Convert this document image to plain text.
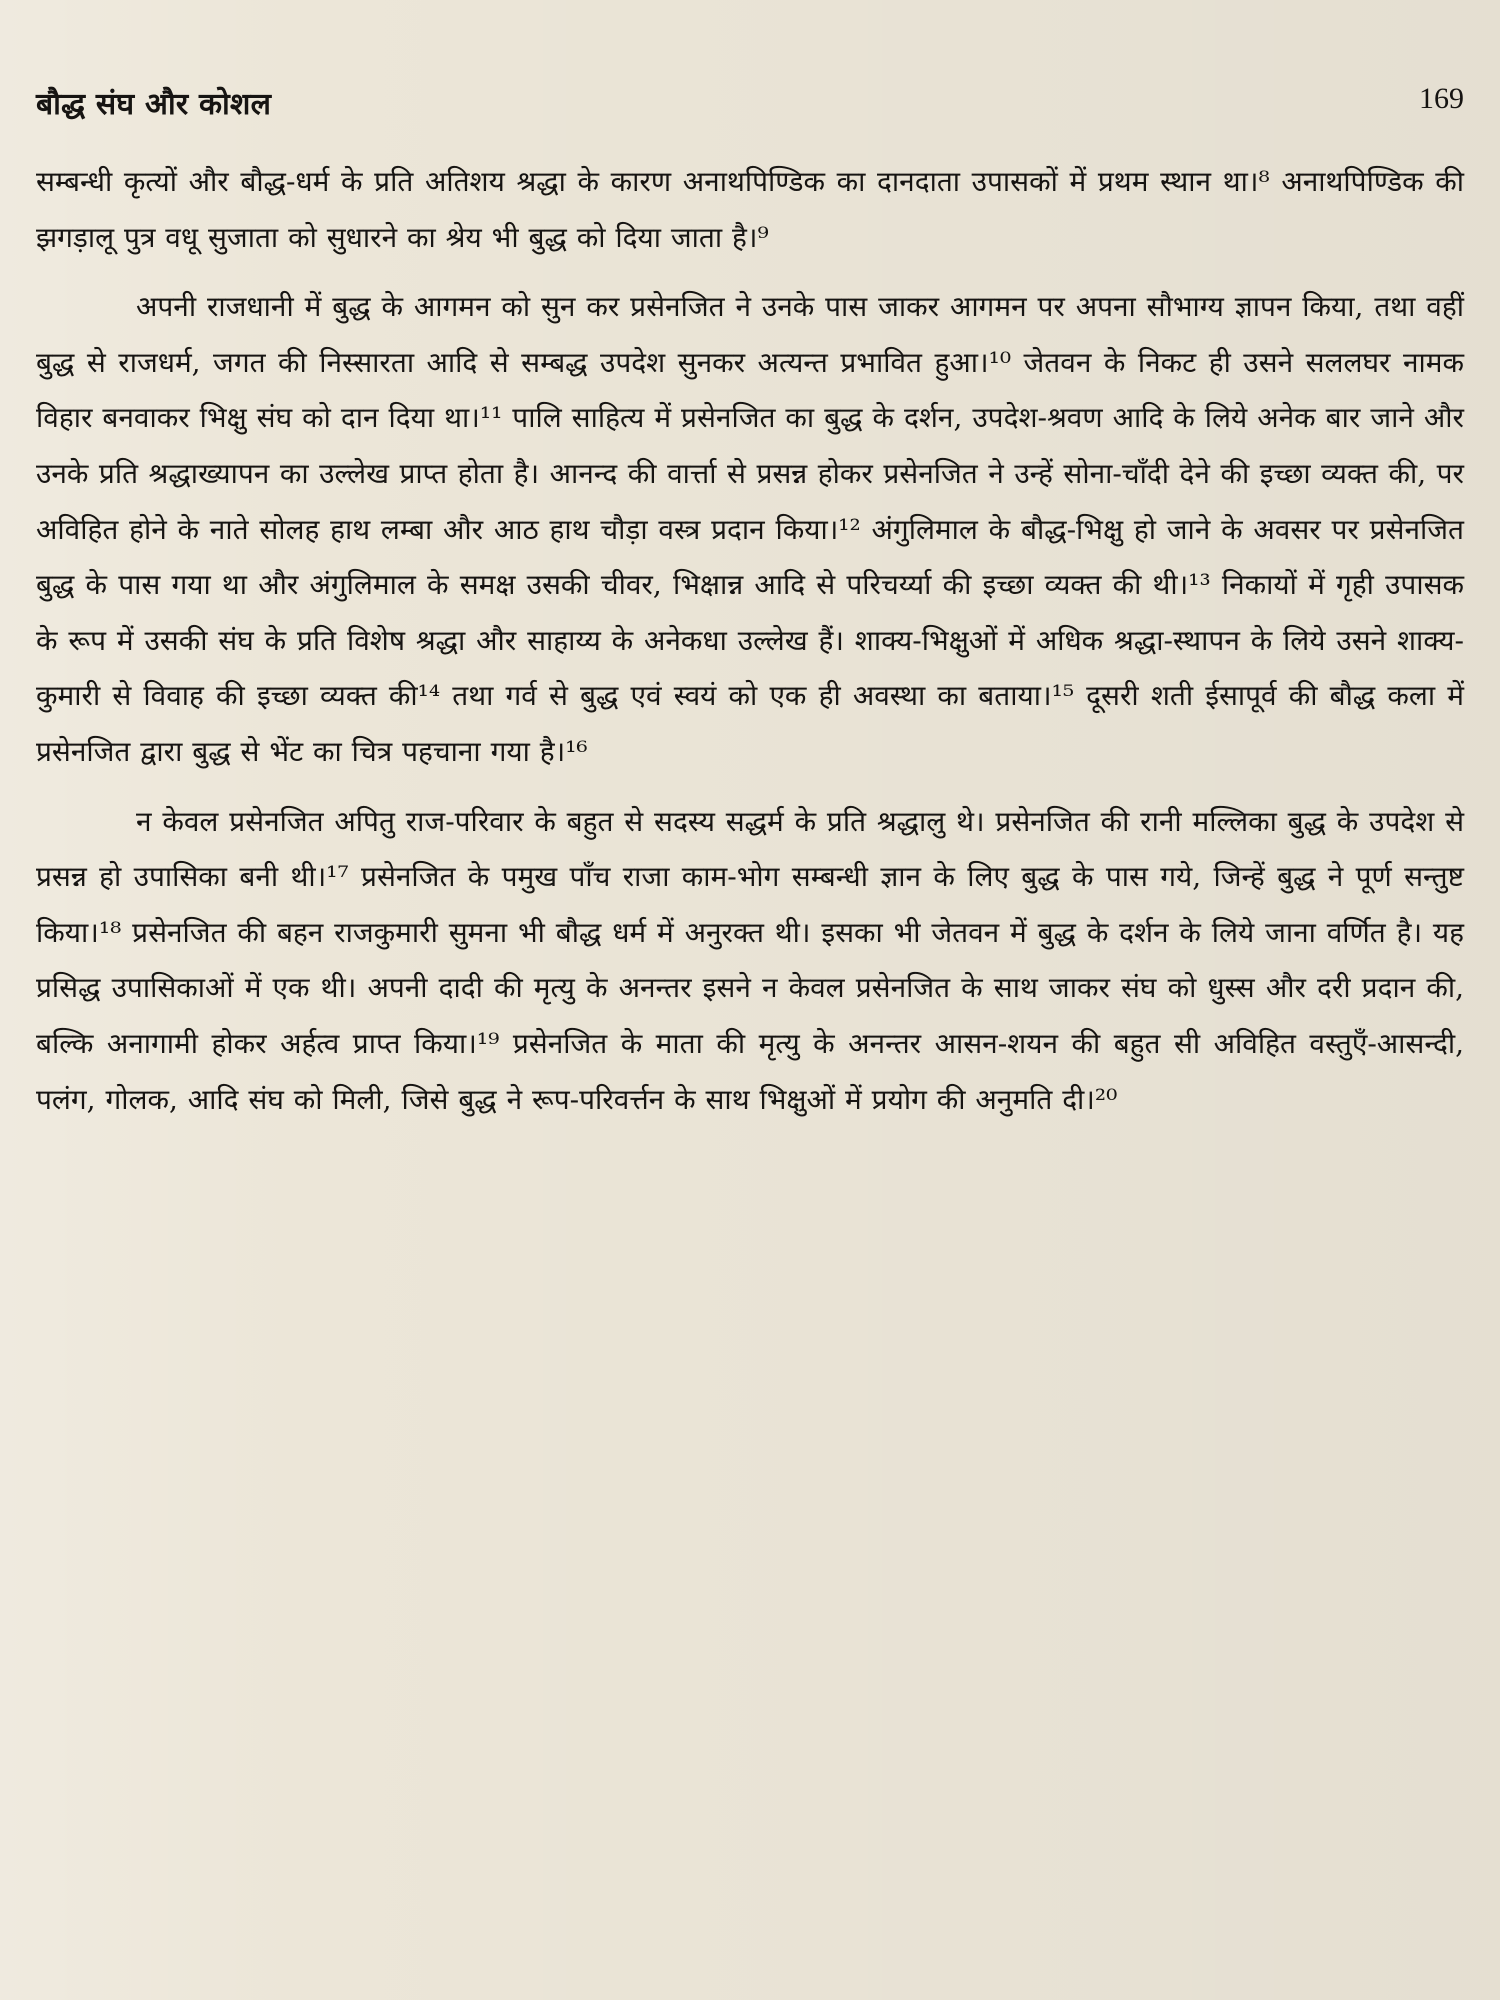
बौद्ध संघ और कोशल	169

सम्बन्धी कृत्यों और बौद्ध-धर्म के प्रति अतिशय श्रद्धा के कारण अनाथपिण्डिक का दानदाता उपासकों में प्रथम स्थान था।⁸ अनाथपिण्डिक की झगड़ालू पुत्र वधू सुजाता को सुधारने का श्रेय भी बुद्ध को दिया जाता है।⁹

अपनी राजधानी में बुद्ध के आगमन को सुन कर प्रसेनजित ने उनके पास जाकर आगमन पर अपना सौभाग्य ज्ञापन किया, तथा वहीं बुद्ध से राजधर्म, जगत की निस्सारता आदि से सम्बद्ध उपदेश सुनकर अत्यन्त प्रभावित हुआ।¹⁰ जेतवन के निकट ही उसने सललघर नामक विहार बनवाकर भिक्षु संघ को दान दिया था।¹¹ पालि साहित्य में प्रसेनजित का बुद्ध के दर्शन, उपदेश-श्रवण आदि के लिये अनेक बार जाने और उनके प्रति श्रद्धाख्यापन का उल्लेख प्राप्त होता है। आनन्द की वार्त्ता से प्रसन्न होकर प्रसेनजित ने उन्हें सोना-चाँदी देने की इच्छा व्यक्त की, पर अविहित होने के नाते सोलह हाथ लम्बा और आठ हाथ चौड़ा वस्त्र प्रदान किया।¹² अंगुलिमाल के बौद्ध-भिक्षु हो जाने के अवसर पर प्रसेनजित बुद्ध के पास गया था और अंगुलिमाल के समक्ष उसकी चीवर, भिक्षान्न आदि से परिचर्य्या की इच्छा व्यक्त की थी।¹³ निकायों में गृही उपासक के रूप में उसकी संघ के प्रति विशेष श्रद्धा और साहाय्य के अनेकधा उल्लेख हैं। शाक्य-भिक्षुओं में अधिक श्रद्धा-स्थापन के लिये उसने शाक्य-कुमारी से विवाह की इच्छा व्यक्त की¹⁴ तथा गर्व से बुद्ध एवं स्वयं को एक ही अवस्था का बताया।¹⁵ दूसरी शती ईसापूर्व की बौद्ध कला में प्रसेनजित द्वारा बुद्ध से भेंट का चित्र पहचाना गया है।¹⁶

न केवल प्रसेनजित अपितु राज-परिवार के बहुत से सदस्य सद्धर्म के प्रति श्रद्धालु थे। प्रसेनजित की रानी मल्लिका बुद्ध के उपदेश से प्रसन्न हो उपासिका बनी थी।¹⁷ प्रसेनजित के पमुख पाँच राजा काम-भोग सम्बन्धी ज्ञान के लिए बुद्ध के पास गये, जिन्हें बुद्ध ने पूर्ण सन्तुष्ट किया।¹⁸ प्रसेनजित की बहन राजकुमारी सुमना भी बौद्ध धर्म में अनुरक्त थी। इसका भी जेतवन में बुद्ध के दर्शन के लिये जाना वर्णित है। यह प्रसिद्ध उपासिकाओं में एक थी। अपनी दादी की मृत्यु के अनन्तर इसने न केवल प्रसेनजित के साथ जाकर संघ को धुस्स और दरी प्रदान की, बल्कि अनागामी होकर अर्हत्व प्राप्त किया।¹⁹ प्रसेनजित के माता की मृत्यु के अनन्तर आसन-शयन की बहुत सी अविहित वस्तुएँ-आसन्दी, पलंग, गोलक, आदि संघ को मिली, जिसे बुद्ध ने रूप-परिवर्त्तन के साथ भिक्षुओं में प्रयोग की अनुमति दी।²⁰
